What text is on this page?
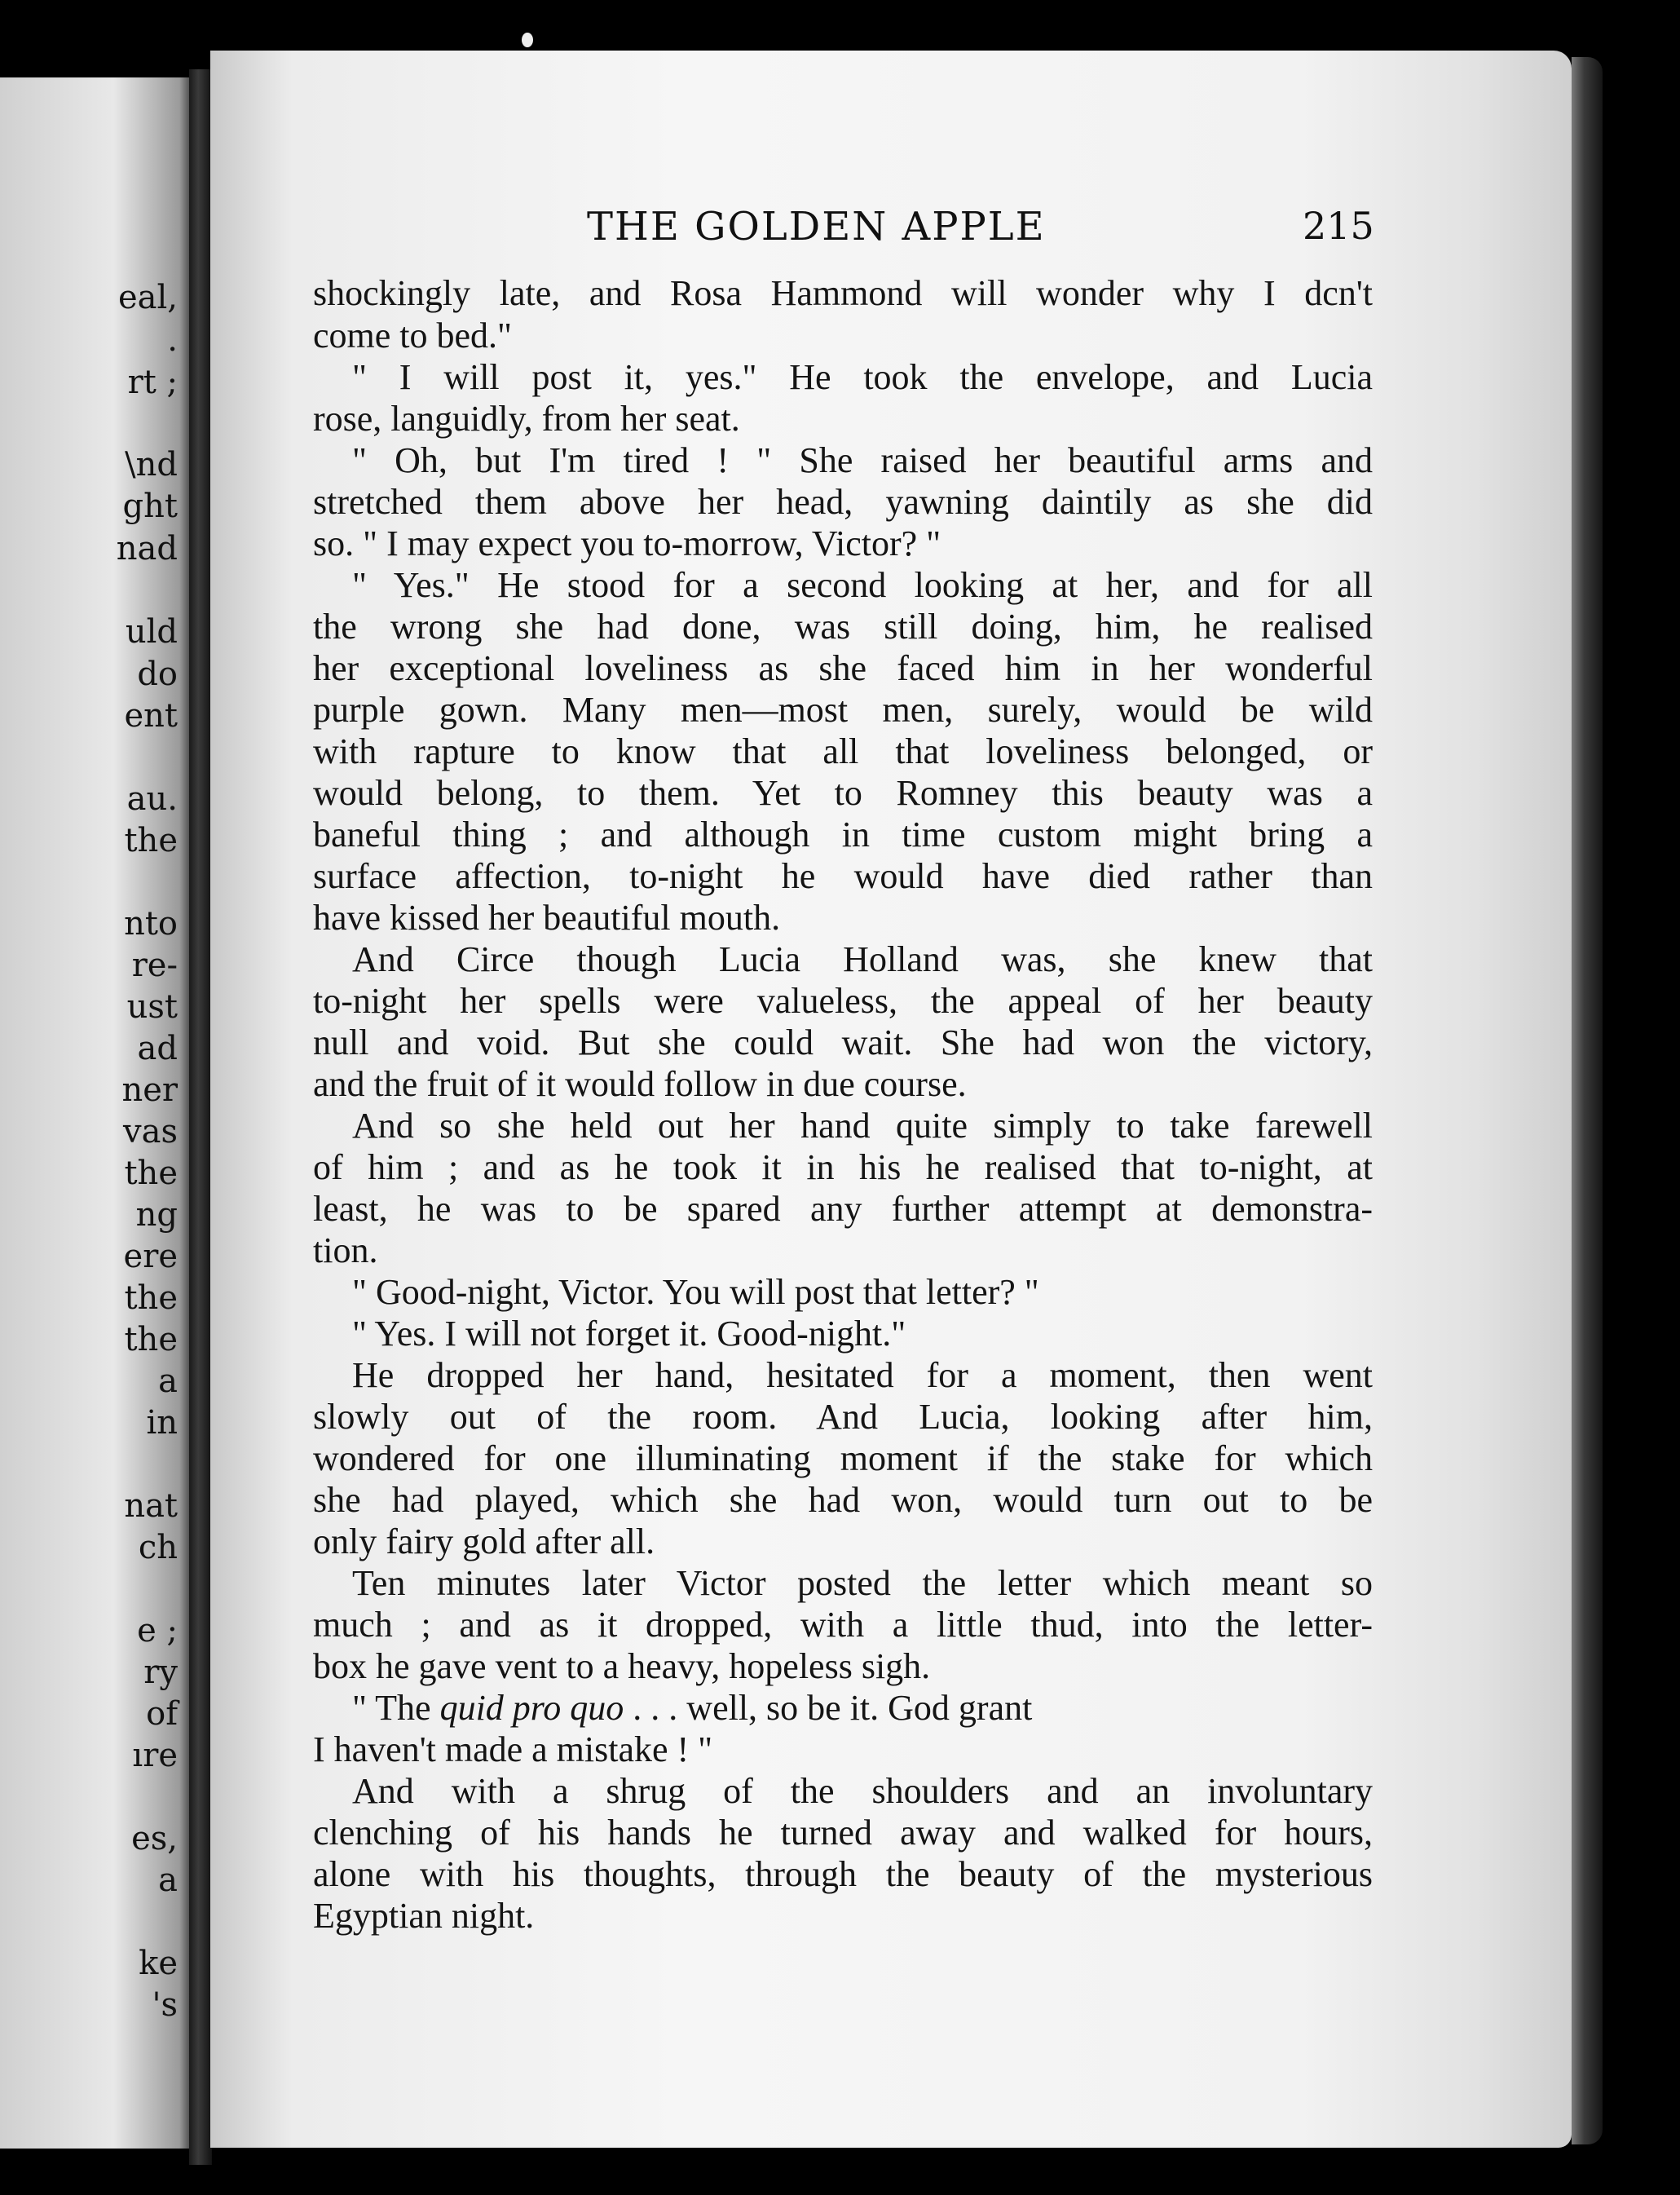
eal,
.
rt ;
\nd
ght
nad
uld
do
ent
au.
the
nto
re-
ust
ad
ner
vas
the
ng
ere
the
the
a
in
nat
ch
e ;
ry
of
ıre
es,
a
ke
's
THE GOLDEN APPLE	215
shockingly late, and Rosa Hammond will wonder why I dcn't
come to bed."
" I will post it, yes." He took the envelope, and Lucia
rose, languidly, from her seat.
" Oh, but I'm tired ! " She raised her beautiful arms and
stretched them above her head, yawning daintily as she did
so. " I may expect you to-morrow, Victor? "
" Yes." He stood for a second looking at her, and for all
the wrong she had done, was still doing, him, he realised
her exceptional loveliness as she faced him in her wonderful
purple gown. Many men—most men, surely, would be wild
with rapture to know that all that loveliness belonged, or
would belong, to them. Yet to Romney this beauty was a
baneful thing ; and although in time custom might bring a
surface affection, to-night he would have died rather than
have kissed her beautiful mouth.
And Circe though Lucia Holland was, she knew that
to-night her spells were valueless, the appeal of her beauty
null and void. But she could wait. She had won the victory,
and the fruit of it would follow in due course.
And so she held out her hand quite simply to take farewell
of him ; and as he took it in his he realised that to-night, at
least, he was to be spared any further attempt at demonstra-
tion.
" Good-night, Victor. You will post that letter? "
" Yes. I will not forget it. Good-night."
He dropped her hand, hesitated for a moment, then went
slowly out of the room. And Lucia, looking after him,
wondered for one illuminating moment if the stake for which
she had played, which she had won, would turn out to be
only fairy gold after all.
Ten minutes later Victor posted the letter which meant so
much ; and as it dropped, with a little thud, into the letter-
box he gave vent to a heavy, hopeless sigh.
" The quid pro quo . . . well, so be it. God grant
I haven't made a mistake ! "
And with a shrug of the shoulders and an involuntary
clenching of his hands he turned away and walked for hours,
alone with his thoughts, through the beauty of the mysterious
Egyptian night.
